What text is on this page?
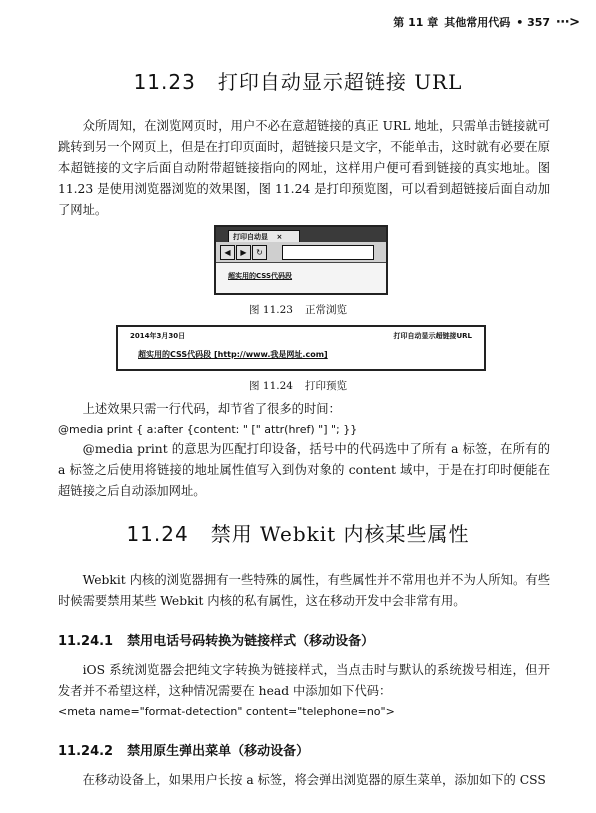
第 11 章 其他常用代码 • 357 ⋯>
11.23 打印自动显示超链接 URL

众所周知，在浏览网页时，用户不必在意超链接的真正 URL 地址，只需单击链接就可跳转到另一个网页上，但是在打印页面时，超链接只是文字，不能单击，这时就有必要在原本超链接的文字后面自动附带超链接指向的网址，这样用户便可看到链接的真实地址。图 11.23 是使用浏览器浏览的效果图，图 11.24 是打印预览图，可以看到超链接后面自动加了网址。

打印自动显 ×
◀	▶	↻
超实用的CSS代码段
图 11.23 正常浏览
2014年3月30日	打印自动显示超链接URL
超实用的CSS代码段 [http://www.我是网址.com]
图 11.24 打印预览

上述效果只需一行代码，却节省了很多的时间：

@media print { a:after {content: " [" attr(href) "] "; }}

@media print 的意思为匹配打印设备，括号中的代码选中了所有 a 标签，在所有的 a 标签之后使用将链接的地址属性值写入到伪对象的 content 域中，于是在打印时便能在超链接之后自动添加网址。

11.24 禁用 Webkit 内核某些属性

Webkit 内核的浏览器拥有一些特殊的属性，有些属性并不常用也并不为人所知。有些时候需要禁用某些 Webkit 内核的私有属性，这在移动开发中会非常有用。

11.24.1 禁用电话号码转换为链接样式（移动设备）

iOS 系统浏览器会把纯文字转换为链接样式，当点击时与默认的系统拨号相连，但开发者并不希望这样，这种情况需要在 head 中添加如下代码：

<meta name="format-detection" content="telephone=no">
11.24.2 禁用原生弹出菜单（移动设备）

在移动设备上，如果用户长按 a 标签，将会弹出浏览器的原生菜单，添加如下的 CSS
